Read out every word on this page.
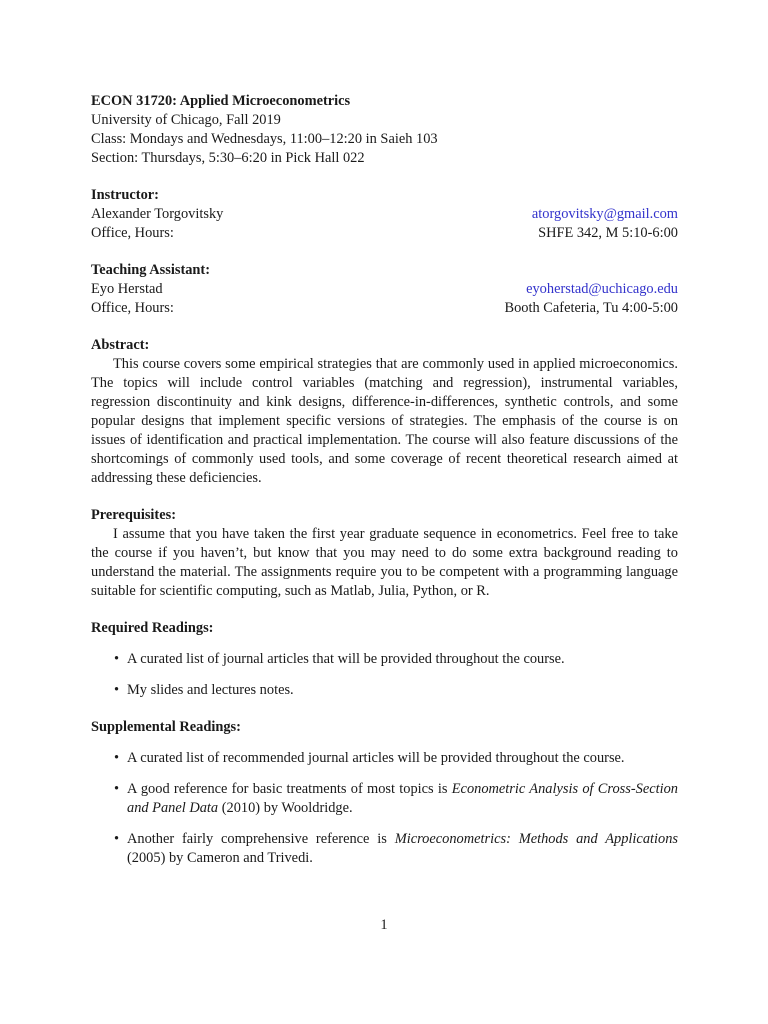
ECON 31720: Applied Microeconometrics
University of Chicago, Fall 2019
Class: Mondays and Wednesdays, 11:00–12:20 in Saieh 103
Section: Thursdays, 5:30–6:20 in Pick Hall 022
Instructor:
Alexander Torgovitsky	atorgovitsky@gmail.com
Office, Hours:	SHFE 342, M 5:10-6:00
Teaching Assistant:
Eyo Herstad	eyoherstad@uchicago.edu
Office, Hours:	Booth Cafeteria, Tu 4:00-5:00
Abstract:

This course covers some empirical strategies that are commonly used in applied microeconomics. The topics will include control variables (matching and regression), instrumental variables, regression discontinuity and kink designs, difference-in-differences, synthetic controls, and some popular designs that implement specific versions of strategies. The emphasis of the course is on issues of identification and practical implementation. The course will also feature discussions of the shortcomings of commonly used tools, and some coverage of recent theoretical research aimed at addressing these deficiencies.

Prerequisites:

I assume that you have taken the first year graduate sequence in econometrics. Feel free to take the course if you haven’t, but know that you may need to do some extra background reading to understand the material. The assignments require you to be competent with a programming language suitable for scientific computing, such as Matlab, Julia, Python, or R.

Required Readings:
• A curated list of journal articles that will be provided throughout the course.
• My slides and lectures notes.
Supplemental Readings:
• A curated list of recommended journal articles will be provided throughout the course.
• A good reference for basic treatments of most topics is Econometric Analysis of Cross-Section and Panel Data (2010) by Wooldridge.
• Another fairly comprehensive reference is Microeconometrics: Methods and Applications (2005) by Cameron and Trivedi.
1
